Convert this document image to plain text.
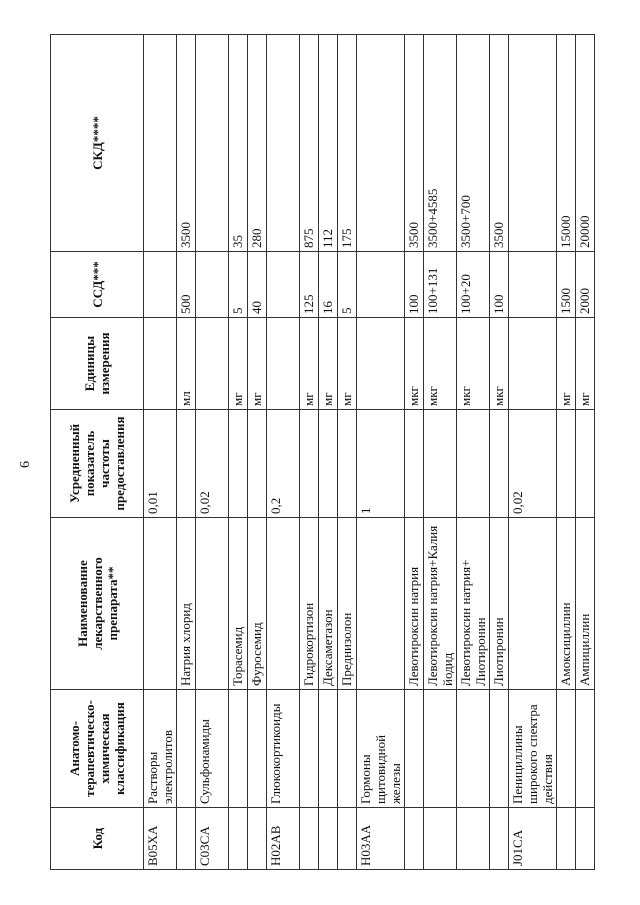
6
Код	Анатомо-терапевтическо-химическая классификация	Наименование лекарственного препарата**	Усредненный показатель частоты предоставления	Единицы измерения	ССД***	СКД****
B05XA	Растворы электролитов		0,01			
		Натрия хлорид		мл	500	3500
C03CA	Сульфонамиды		0,02			
		Торасемид		мг	5	35
		Фуросемид		мг	40	280
H02AB	Глюкокортикоиды		0,2			
		Гидрокортизон		мг	125	875
		Дексаметазон		мг	16	112
		Преднизолон		мг	5	175
H03AA	Гормоны щитовидной железы		1			
		Левотироксин натрия		мкг	100	3500
		Левотироксин натрия+Калия йодид		мкг	100+131	3500+4585
		Левотироксин натрия+ Лиотиронин		мкг	100+20	3500+700
		Лиотиронин		мкг	100	3500
J01CA	Пенициллины широкого спектра действия		0,02			
		Амоксициллин		мг	1500	15000
		Ампициллин		мг	2000	20000
